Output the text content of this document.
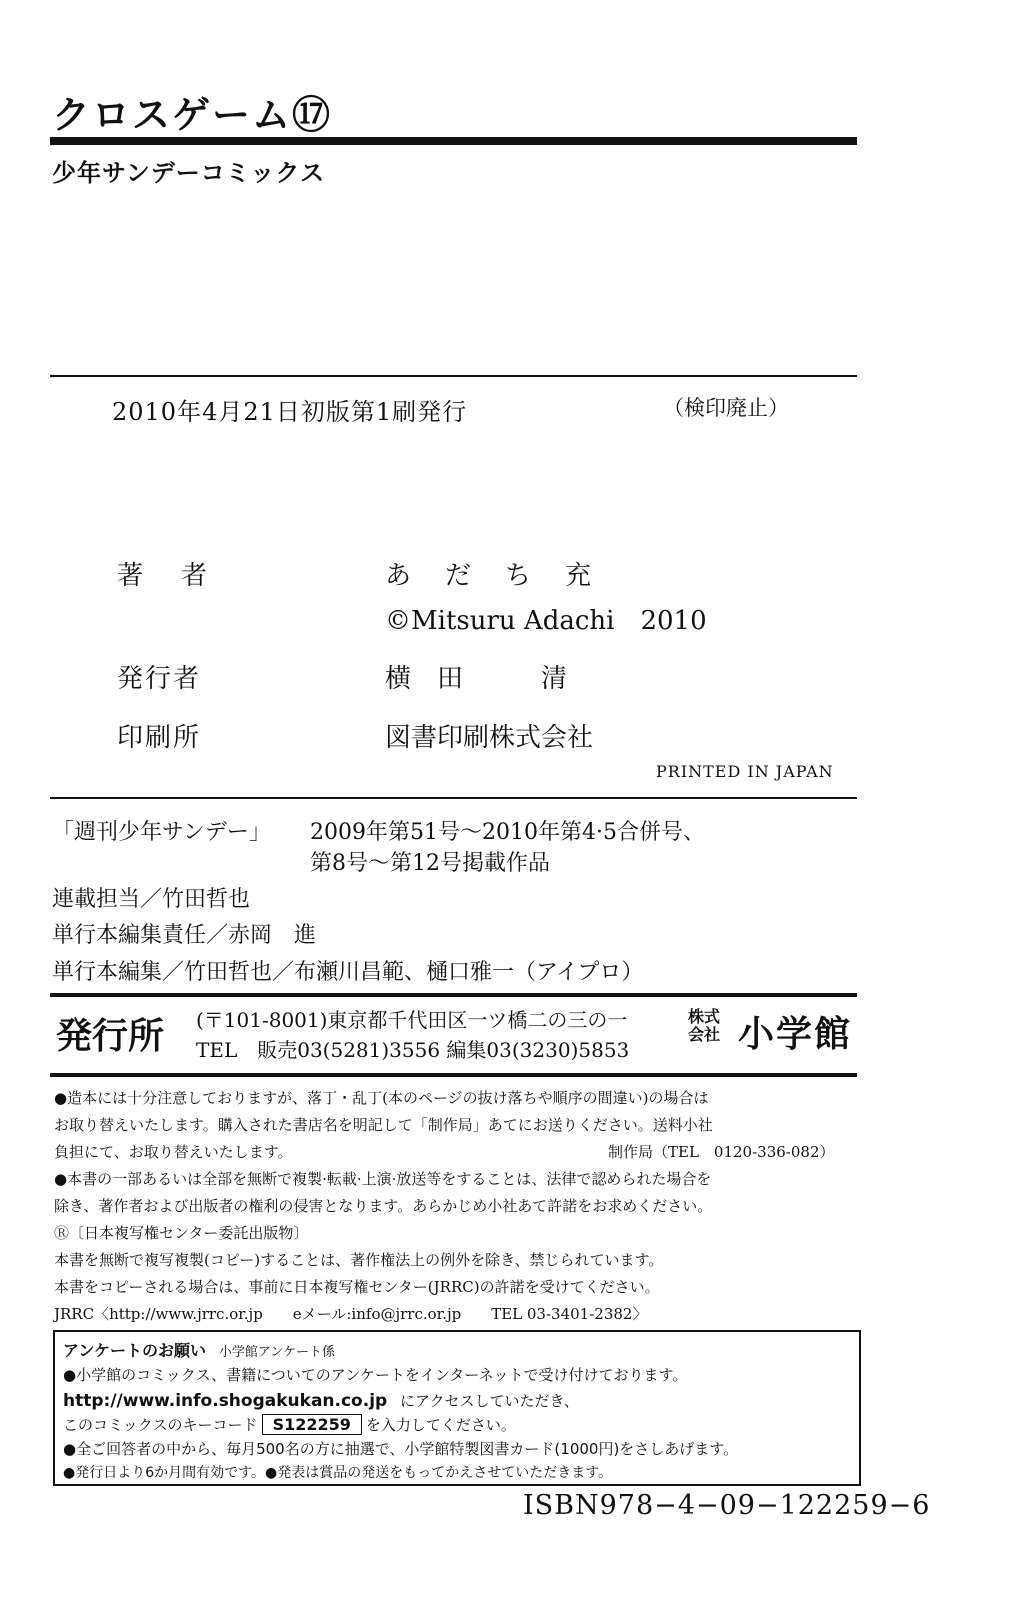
クロスゲーム⑰
少年サンデーコミックス
2010年4月21日初版第1刷発行	（検印廃止）
著　者	あ　だ　ち　充
©Mitsuru Adachi　2010
発行者	横　田　　　清
印刷所	図書印刷株式会社
PRINTED IN JAPAN
「週刊少年サンデー」 2009年第51号〜2010年第4·5合併号、
第8号〜第12号掲載作品
連載担当／竹田哲也
単行本編集責任／赤岡　進
単行本編集／竹田哲也／布瀬川昌範、樋口雅一（アイプロ）
発行所 (〒101-8001)東京都千代田区一ツ橋二の三の一
TEL　販売03(5281)3556 編集03(3230)5853
株式
会社 小学館
●造本には十分注意しておりますが、落丁・乱丁(本のページの抜け落ちや順序の間違い)の場合は
お取り替えいたします。購入された書店名を明記して「制作局」あてにお送りください。送料小社
負担にて、お取り替えいたします。	制作局（TEL　0120-336-082）
●本書の一部あるいは全部を無断で複製·転載·上演·放送等をすることは、法律で認められた場合を
除き、著作者および出版者の権利の侵害となります。あらかじめ小社あて許諾をお求めください。
Ⓡ〔日本複写権センター委託出版物〕
本書を無断で複写複製(コピー)することは、著作権法上の例外を除き、禁じられています。
本書をコピーされる場合は、事前に日本複写権センター(JRRC)の許諾を受けてください。
JRRC〈http://www.jrrc.or.jp　　eメール:info@jrrc.or.jp　　TEL 03-3401-2382〉
アンケートのお願い 小学館アンケート係
●小学館のコミックス、書籍についてのアンケートをインターネットで受け付けております。
http://www.info.shogakukan.co.jp にアクセスしていただき、
このコミックスのキーコード S122259 を入力してください。
●全ご回答者の中から、毎月500名の方に抽選で、小学館特製図書カード(1000円)をさしあげます。
●発行日より6か月間有効です。●発表は賞品の発送をもってかえさせていただきます。
ISBN978−4−09−122259−6
